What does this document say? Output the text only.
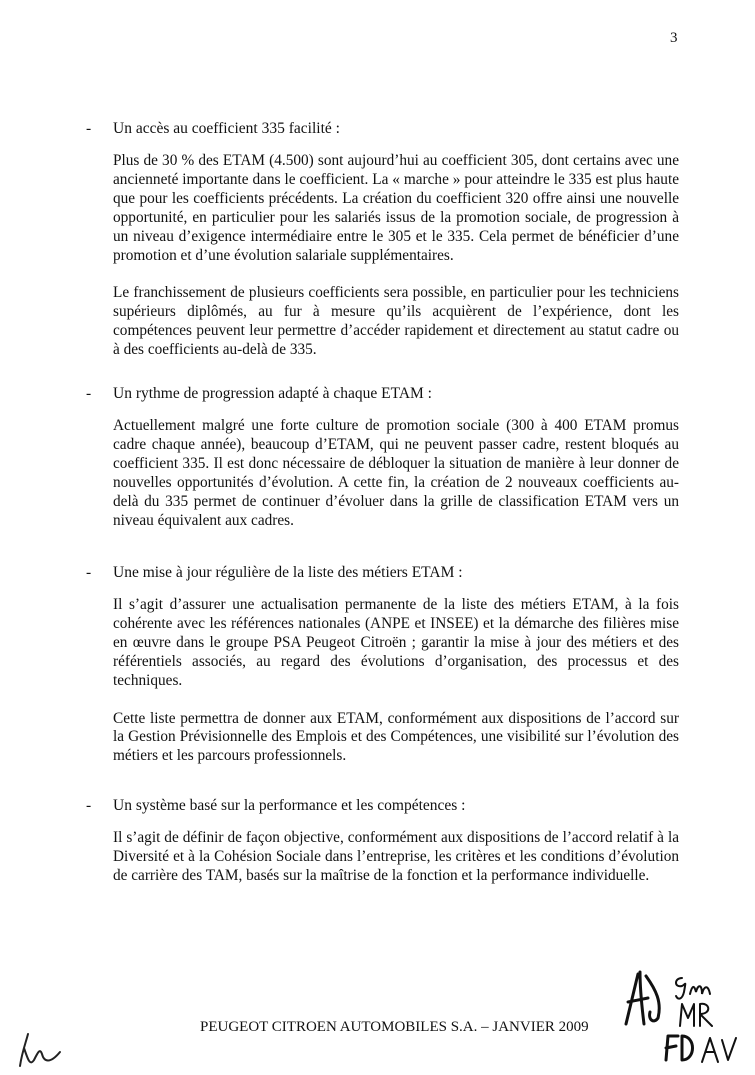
3
- Un accès au coefficient 335 facilité :

Plus de 30 % des ETAM (4.500) sont aujourd’hui au coefficient 305, dont certains avec une ancienneté importante dans le coefficient. La « marche » pour atteindre le 335 est plus haute que pour les coefficients précédents. La création du coefficient 320 offre ainsi une nouvelle opportunité, en particulier pour les salariés issus de la promotion sociale, de progression à un niveau d’exigence intermédiaire entre le 305 et le 335. Cela permet de bénéficier d’une promotion et d’une évolution salariale supplémentaires.

Le franchissement de plusieurs coefficients sera possible, en particulier pour les techniciens supérieurs diplômés, au fur à mesure qu’ils acquièrent de l’expérience, dont les compétences peuvent leur permettre d’accéder rapidement et directement au statut cadre ou à des coefficients au-delà de 335.

- Un rythme de progression adapté à chaque ETAM :

Actuellement malgré une forte culture de promotion sociale (300 à 400 ETAM promus cadre chaque année), beaucoup d’ETAM, qui ne peuvent passer cadre, restent bloqués au coefficient 335. Il est donc nécessaire de débloquer la situation de manière à leur donner de nouvelles opportunités d’évolution. A cette fin, la création de 2 nouveaux coefficients au-delà du 335 permet de continuer d’évoluer dans la grille de classification ETAM vers un niveau équivalent aux cadres.

- Une mise à jour régulière de la liste des métiers ETAM :

Il s’agit d’assurer une actualisation permanente de la liste des métiers ETAM, à la fois cohérente avec les références nationales (ANPE et INSEE) et la démarche des filières mise en œuvre dans le groupe PSA Peugeot Citroën ; garantir la mise à jour des métiers et des référentiels associés, au regard des évolutions d’organisation, des processus et des techniques.

Cette liste permettra de donner aux ETAM, conformément aux dispositions de l’accord sur la Gestion Prévisionnelle des Emplois et des Compétences, une visibilité sur l’évolution des métiers et les parcours professionnels.

- Un système basé sur la performance et les compétences :

Il s’agit de définir de façon objective, conformément aux dispositions de l’accord relatif à la Diversité et à la Cohésion Sociale dans l’entreprise, les critères et les conditions d’évolution de carrière des TAM, basés sur la maîtrise de la fonction et la performance individuelle.

PEUGEOT CITROEN AUTOMOBILES S.A. – JANVIER 2009
